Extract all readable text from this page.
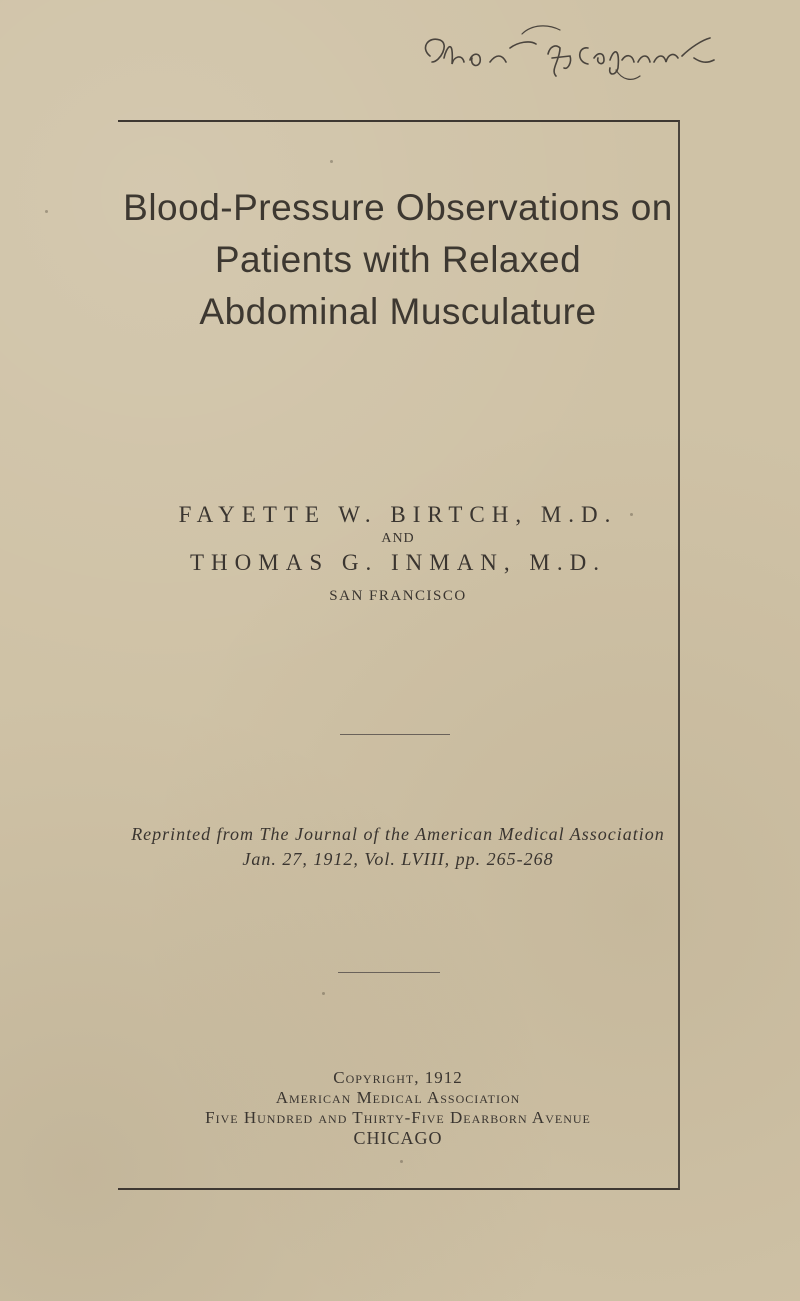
Blood-Pressure Observations on
Patients with Relaxed
Abdominal Musculature
FAYETTE W. BIRTCH, M.D.
AND
THOMAS G. INMAN, M.D.
SAN FRANCISCO
Reprinted from The Journal of the American Medical Association
Jan. 27, 1912, Vol. LVIII, pp. 265-268
Copyright, 1912
American Medical Association
Five Hundred and Thirty-Five Dearborn Avenue
CHICAGO
